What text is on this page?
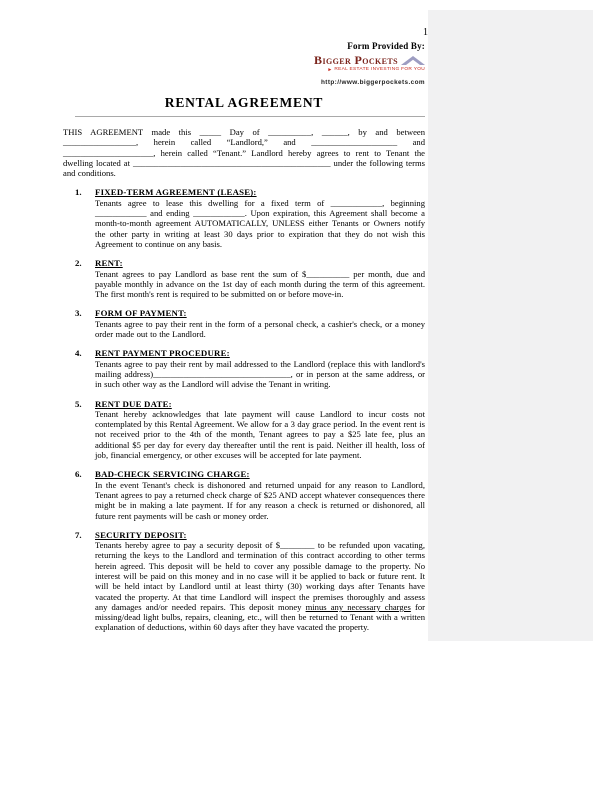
1
Form Provided By:
Bigger Pockets
► REAL ESTATE INVESTING FOR YOU
http://www.biggerpockets.com
RENTAL AGREEMENT
THIS AGREEMENT made this _____ Day of __________, ______, by and between _________________, herein called “Landlord,” and ____________________ and _____________________, herein called “Tenant.” Landlord hereby agrees to rent to Tenant the dwelling located at ______________________________________________ under the following terms and conditions.
1.	FIXED-TERM AGREEMENT (LEASE):
Tenants agree to lease this dwelling for a fixed term of ____________, beginning ____________ and ending ____________. Upon expiration, this Agreement shall become a month-to-month agreement AUTOMATICALLY, UNLESS either Tenants or Owners notify the other party in writing at least 30 days prior to expiration that they do not wish this Agreement to continue on any basis.
2.	RENT:
Tenant agrees to pay Landlord as base rent the sum of $__________ per month, due and payable monthly in advance on the 1st day of each month during the term of this agreement. The first month's rent is required to be submitted on or before move-in.
3.	FORM OF PAYMENT:
Tenants agree to pay their rent in the form of a personal check, a cashier's check, or a money order made out to the Landlord.
4.	RENT PAYMENT PROCEDURE:
Tenants agree to pay their rent by mail addressed to the Landlord (replace this with landlord's mailing address)________________________________, or in person at the same address, or in such other way as the Landlord will advise the Tenant in writing.
5.	RENT DUE DATE:
Tenant hereby acknowledges that late payment will cause Landlord to incur costs not contemplated by this Rental Agreement. We allow for a 3 day grace period. In the event rent is not received prior to the 4th of the month, Tenant agrees to pay a $25 late fee, plus an additional $5 per day for every day thereafter until the rent is paid. Neither ill health, loss of job, financial emergency, or other excuses will be accepted for late payment.
6.	BAD-CHECK SERVICING CHARGE:
In the event Tenant's check is dishonored and returned unpaid for any reason to Landlord, Tenant agrees to pay a returned check charge of $25 AND accept whatever consequences there might be in making a late payment. If for any reason a check is returned or dishonored, all future rent payments will be cash or money order.
7.	SECURITY DEPOSIT:
Tenants hereby agree to pay a security deposit of $________ to be refunded upon vacating, returning the keys to the Landlord and termination of this contract according to other terms herein agreed. This deposit will be held to cover any possible damage to the property. No interest will be paid on this money and in no case will it be applied to back or future rent. It will be held intact by Landlord until at least thirty (30) working days after Tenants have vacated the property. At that time Landlord will inspect the premises thoroughly and assess any damages and/or needed repairs. This deposit money minus any necessary charges for missing/dead light bulbs, repairs, cleaning, etc., will then be returned to Tenant with a written explanation of deductions, within 60 days after they have vacated the property.
